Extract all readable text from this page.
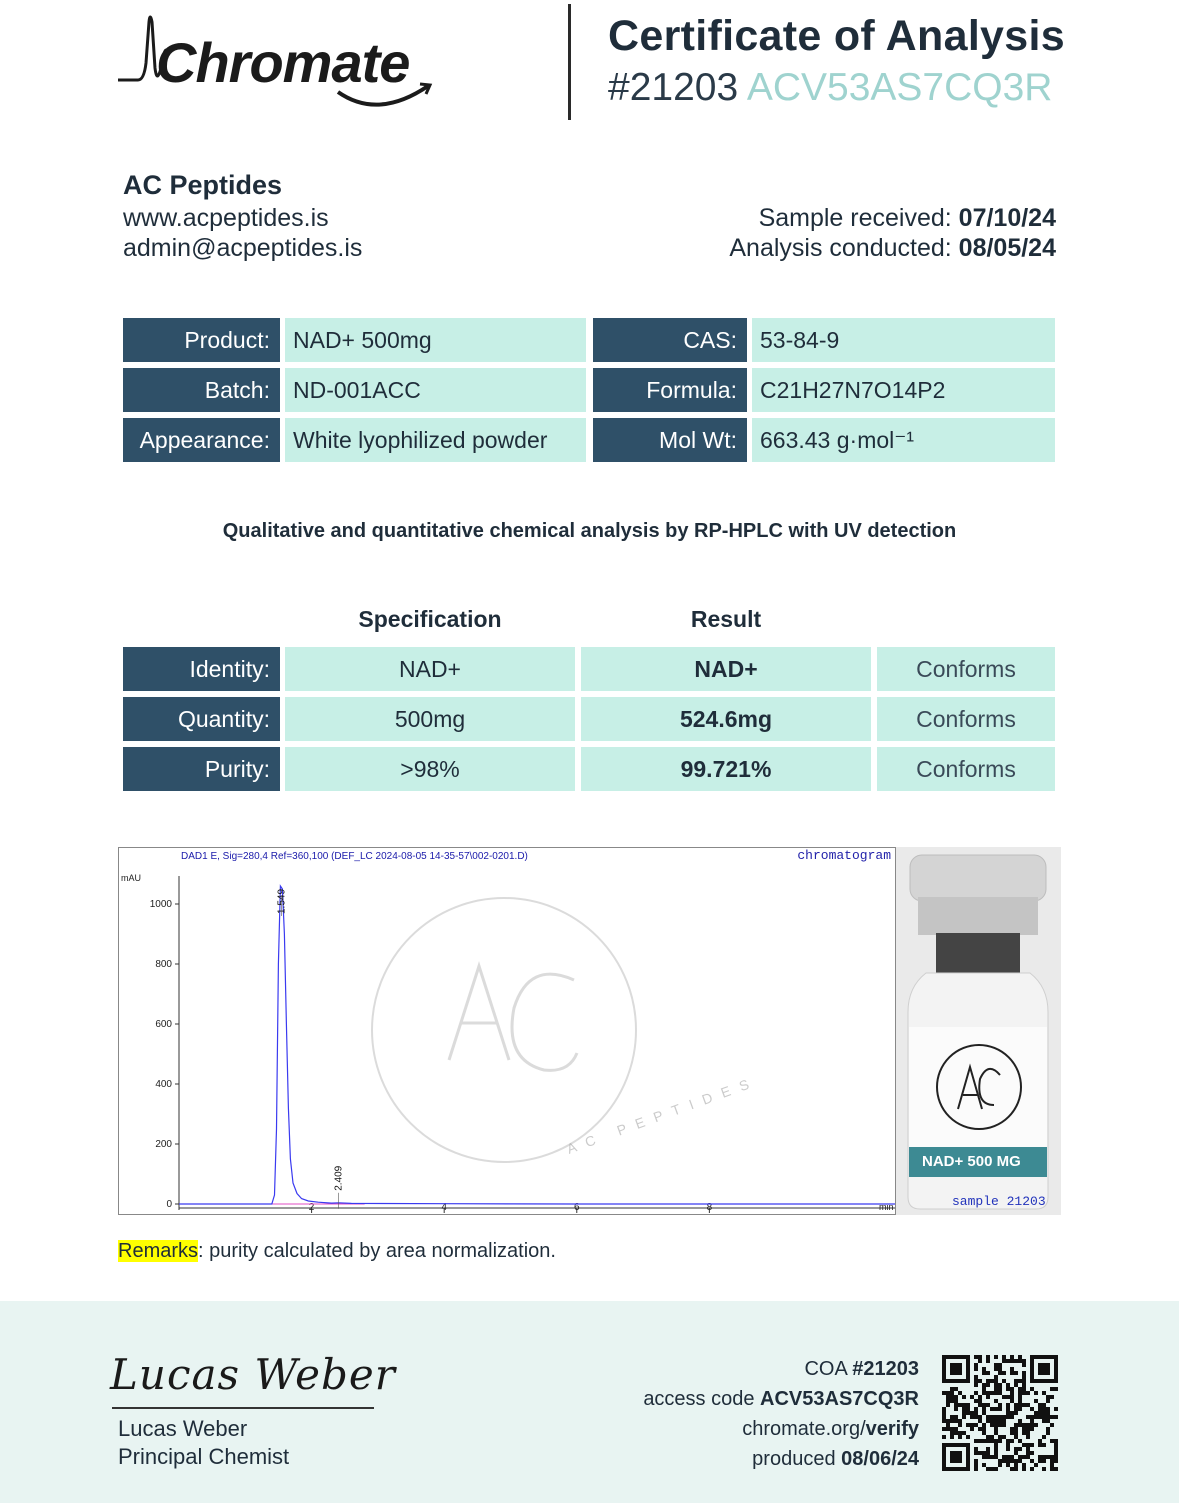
Chromate	Certificate of Analysis
#21203 ACV53AS7CQ3R
AC Peptides
www.acpeptides.is
admin@acpeptides.is
Sample received: 07/10/24
Analysis conducted: 08/05/24
Product:	NAD+ 500mg	CAS:	53-84-9
Batch:	ND-001ACC	Formula:	C21H27N7O14P2
Appearance:	White lyophilized powder	Mol Wt:	663.43 g·mol⁻¹
Qualitative and quantitative chemical analysis by RP-HPLC with UV detection
Specification	Result
Identity:	NAD+	NAD+	Conforms
Quantity:	500mg	524.6mg	Conforms
Purity:	>98%	99.721%	Conforms
AC PEPTIDES
mAU
1000
800
600
400
200
0	2	4	6	8	min
1.549
2.409
DAD1 E, Sig=280,4 Ref=360,100 (DEF_LC 2024-08-05 14-35-57\002-0201.D)	chromatogram
NAD+ 500 MG
sample 21203
Remarks: purity calculated by area normalization.
Lucas Weber
Lucas Weber
Principal Chemist
COA #21203
access code ACV53AS7CQ3R
chromate.org/verify
produced 08/06/24
